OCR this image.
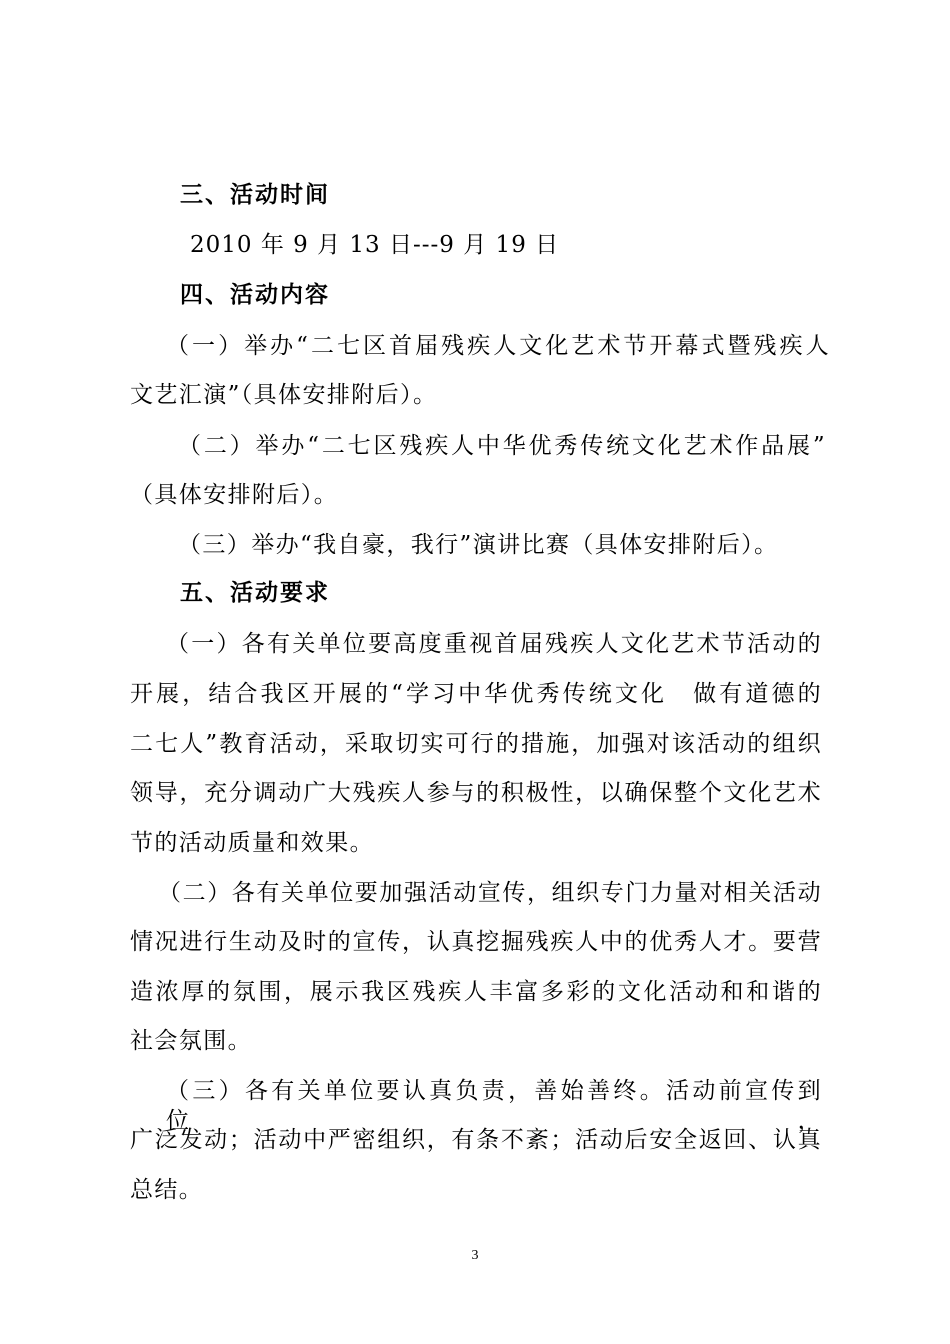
三、活动时间
2010 年 9 月 13 日---9 月 19 日
四、活动内容
（一）举办“二七区首届残疾人文化艺术节开幕式暨残疾人
文艺汇演”（具体安排附后）。
（二）举办“二七区残疾人中华优秀传统文化艺术作品展”
（具体安排附后）。
（三）举办“我自豪，我行”演讲比赛（具体安排附后）。
五、活动要求
（一）各有关单位要高度重视首届残疾人文化艺术节活动的
开展，结合我区开展的“学习中华优秀传统文化　做有道德的
二七人”教育活动，采取切实可行的措施，加强对该活动的组织
领导，充分调动广大残疾人参与的积极性，以确保整个文化艺术
节的活动质量和效果。
（二）各有关单位要加强活动宣传，组织专门力量对相关活动
情况进行生动及时的宣传，认真挖掘残疾人中的优秀人才。要营
造浓厚的氛围，展示我区残疾人丰富多彩的文化活动和和谐的
社会氛围。
（三）各有关单位要认真负责，善始善终。活动前宣传到位，
广泛发动；活动中严密组织，有条不紊；活动后安全返回、认真
总结。
3
